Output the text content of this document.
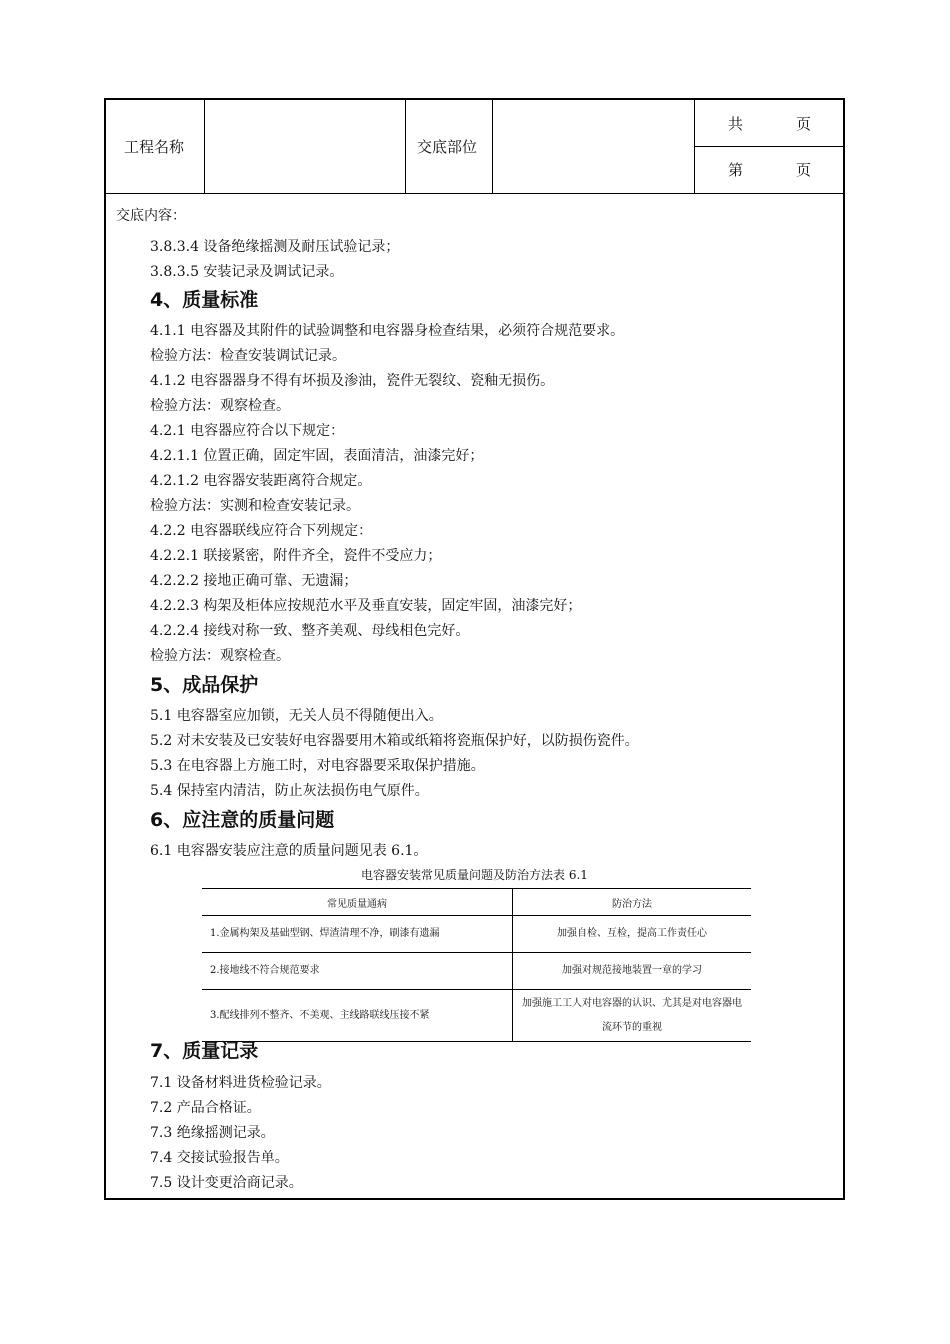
工程名称	交底部位
共	页
第	页
交底内容：
3.8.3.4 设备绝缘摇测及耐压试验记录；
3.8.3.5 安装记录及调试记录。
4、质量标准
4.1.1 电容器及其附件的试验调整和电容器身检查结果，必须符合规范要求。
检验方法：检查安装调试记录。
4.1.2 电容器器身不得有坏损及渗油，瓷件无裂纹、瓷釉无损伤。
检验方法：观察检查。
4.2.1 电容器应符合以下规定：
4.2.1.1 位置正确，固定牢固，表面清洁，油漆完好；
4.2.1.2 电容器安装距离符合规定。
检验方法：实测和检查安装记录。
4.2.2 电容器联线应符合下列规定：
4.2.2.1 联接紧密，附件齐全，瓷件不受应力；
4.2.2.2 接地正确可靠、无遗漏；
4.2.2.3 构架及柜体应按规范水平及垂直安装，固定牢固，油漆完好；
4.2.2.4 接线对称一致、整齐美观、母线相色完好。
检验方法：观察检查。
5、成品保护
5.1 电容器室应加锁，无关人员不得随便出入。
5.2 对未安装及已安装好电容器要用木箱或纸箱将瓷瓶保护好，以防损伤瓷件。
5.3 在电容器上方施工时，对电容器要采取保护措施。
5.4 保持室内清洁，防止灰法损伤电气原件。
6、应注意的质量问题
6.1 电容器安装应注意的质量问题见表 6.1。
电容器安装常见质量问题及防治方法表 6.1
常见质量通病	防治方法
1.金属构架及基础型钢、焊渣清理不净，刷漆有遗漏	加强自检、互检，提高工作责任心
2.接地线不符合规范要求	加强对规范接地装置一章的学习
3.配线排列不整齐、不美观、主线路联线压接不紧	加强施工工人对电容器的认识、尤其是对电容器电流环节的重视
7、质量记录
7.1 设备材料进货检验记录。
7.2 产品合格证。
7.3 绝缘摇测记录。
7.4 交接试验报告单。
7.5 设计变更洽商记录。
